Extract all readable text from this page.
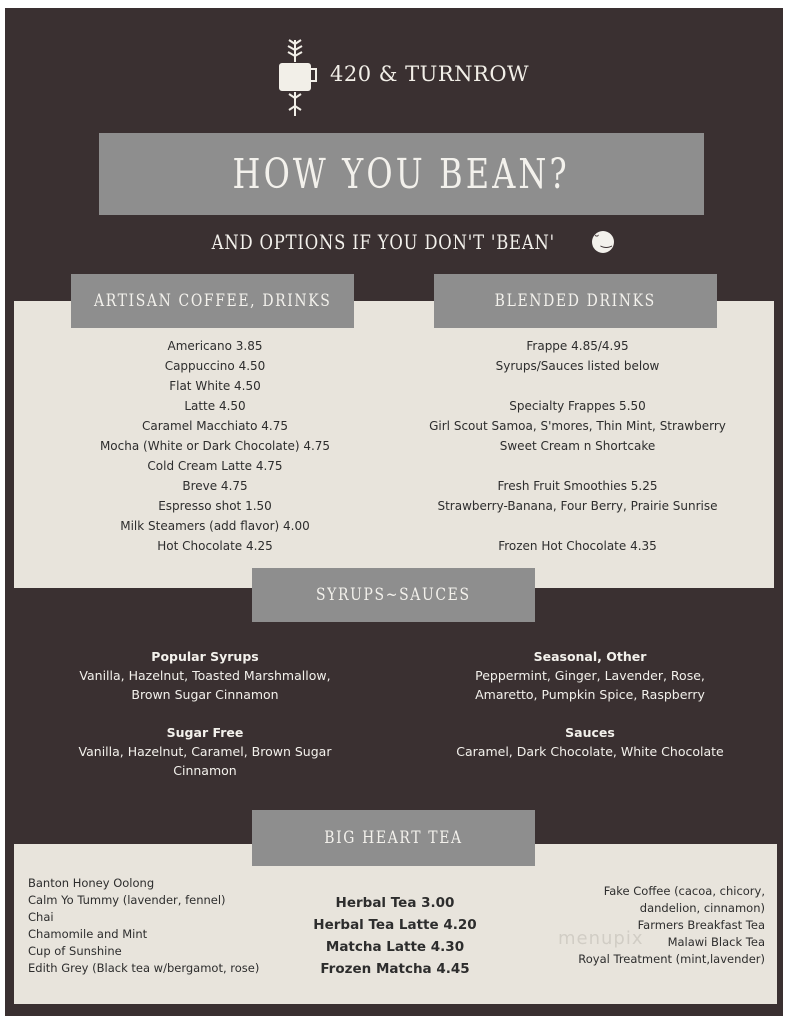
420 & TURNROW
HOW YOU BEAN?
AND OPTIONS IF YOU DON'T 'BEAN'	˘‿
ARTISAN COFFEE, DRINKS	BLENDED DRINKS
Americano 3.85
Cappuccino 4.50
Flat White 4.50
Latte 4.50
Caramel Macchiato 4.75
Mocha (White or Dark Chocolate) 4.75
Cold Cream Latte 4.75
Breve 4.75
Espresso shot 1.50
Milk Steamers (add flavor) 4.00
Hot Chocolate 4.25
Frappe 4.85/4.95
Syrups/Sauces listed below
Specialty Frappes 5.50
Girl Scout Samoa, S'mores, Thin Mint, Strawberry
Sweet Cream n Shortcake
Fresh Fruit Smoothies 5.25
Strawberry-Banana, Four Berry, Prairie Sunrise
Frozen Hot Chocolate 4.35
SYRUPS~SAUCES
Popular Syrups
Vanilla, Hazelnut, Toasted Marshmallow,
Brown Sugar Cinnamon
Seasonal, Other
Peppermint, Ginger, Lavender, Rose,
Amaretto, Pumpkin Spice, Raspberry
Sugar Free
Vanilla, Hazelnut, Caramel, Brown Sugar
Cinnamon
Sauces
Caramel, Dark Chocolate, White Chocolate
BIG HEART TEA
Banton Honey Oolong
Calm Yo Tummy (lavender, fennel)
Chai
Chamomile and Mint
Cup of Sunshine
Edith Grey (Black tea w/bergamot, rose)
Herbal Tea 3.00
Herbal Tea Latte 4.20
Matcha Latte 4.30
Frozen Matcha 4.45
Fake Coffee (cacoa, chicory,
dandelion, cinnamon)
Farmers Breakfast Tea
Malawi Black Tea
Royal Treatment (mint,lavender)
menupix
